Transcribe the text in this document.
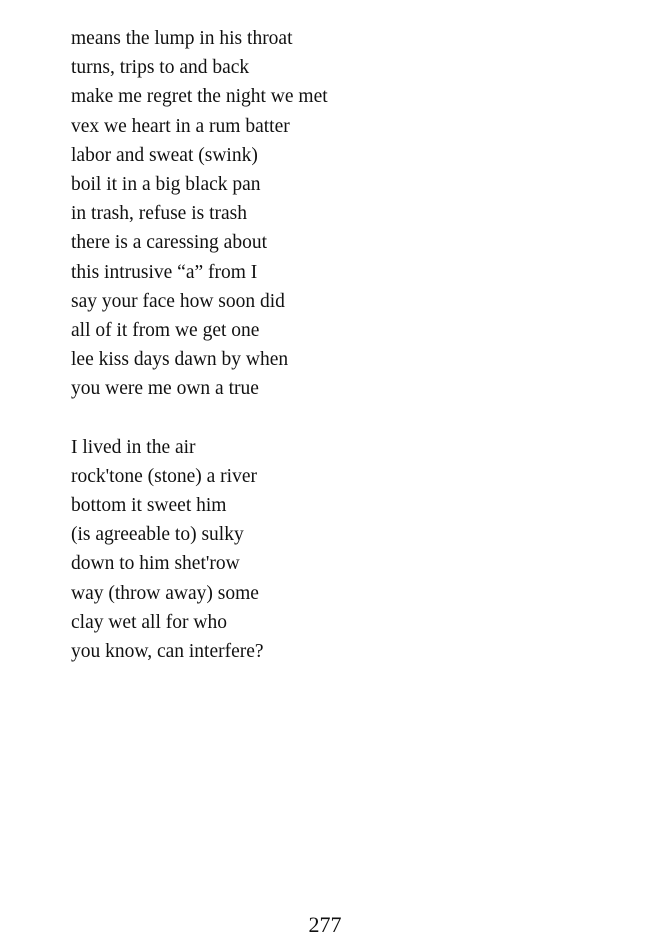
means the lump in his throat
turns, trips to and back
make me regret the night we met
vex we heart in a rum batter
labor and sweat (swink)
boil it in a big black pan
in trash, refuse is trash
there is a caressing about
this intrusive “a” from I
say your face how soon did
all of it from we get one
lee kiss days dawn by when
you were me own a true
I lived in the air
rock'tone (stone) a river
bottom it sweet him
(is agreeable to) sulky
down to him shet'row
way (throw away) some
clay wet all for who
you know, can interfere?
277
